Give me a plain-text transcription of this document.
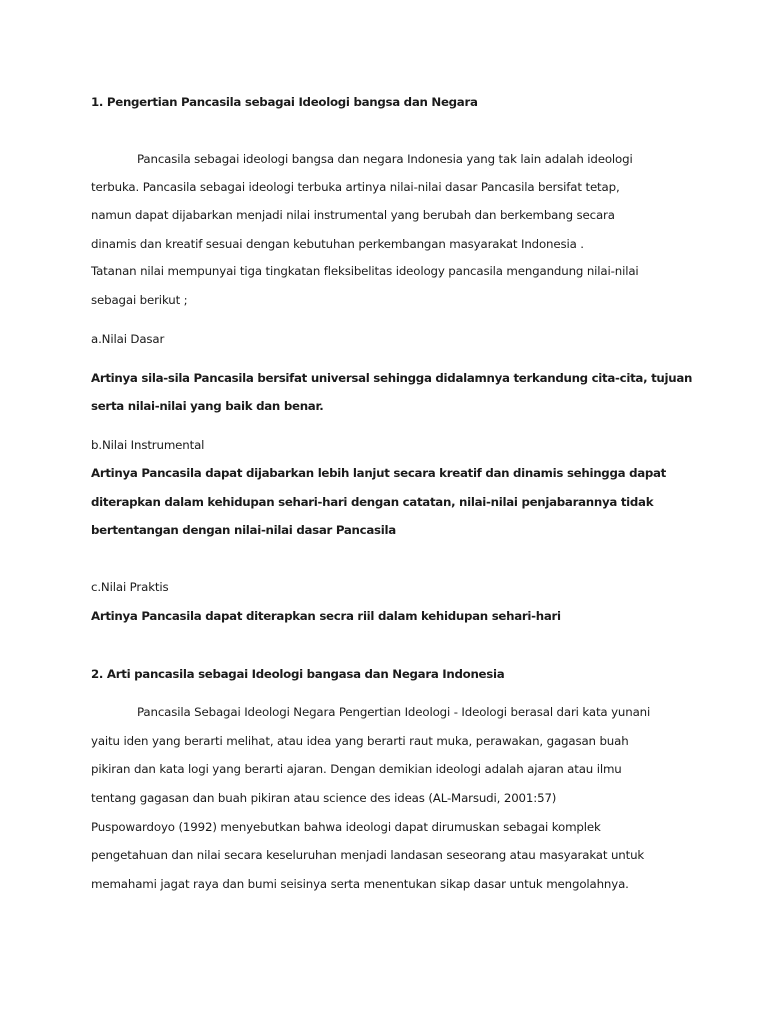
1. Pengertian Pancasila sebagai Ideologi bangsa dan Negara

Pancasila sebagai ideologi bangsa dan negara Indonesia yang tak lain adalah ideologi

terbuka. Pancasila sebagai ideologi terbuka artinya nilai-nilai dasar Pancasila bersifat tetap,

namun dapat dijabarkan menjadi nilai instrumental yang berubah dan berkembang secara

dinamis dan kreatif sesuai dengan kebutuhan perkembangan masyarakat Indonesia .

Tatanan nilai mempunyai tiga tingkatan fleksibelitas ideology pancasila mengandung nilai-nilai

sebagai berikut ;

a.Nilai Dasar

Artinya sila-sila Pancasila bersifat universal sehingga didalamnya terkandung cita-cita, tujuan

serta nilai-nilai yang baik dan benar.

b.Nilai Instrumental

Artinya Pancasila dapat dijabarkan lebih lanjut secara kreatif dan dinamis sehingga dapat

diterapkan dalam kehidupan sehari-hari dengan catatan, nilai-nilai penjabarannya tidak

bertentangan dengan nilai-nilai dasar Pancasila

c.Nilai Praktis

Artinya Pancasila dapat diterapkan secra riil dalam kehidupan sehari-hari

2. Arti pancasila sebagai Ideologi bangasa dan Negara Indonesia

Pancasila Sebagai Ideologi Negara Pengertian Ideologi - Ideologi berasal dari kata yunani

yaitu iden yang berarti melihat, atau idea yang berarti raut muka, perawakan, gagasan buah

pikiran dan kata logi yang berarti ajaran. Dengan demikian ideologi adalah ajaran atau ilmu

tentang gagasan dan buah pikiran atau science des ideas (AL-Marsudi, 2001:57)

Puspowardoyo (1992) menyebutkan bahwa ideologi dapat dirumuskan sebagai komplek

pengetahuan dan nilai secara keseluruhan menjadi landasan seseorang atau masyarakat untuk

memahami jagat raya dan bumi seisinya serta menentukan sikap dasar untuk mengolahnya.
